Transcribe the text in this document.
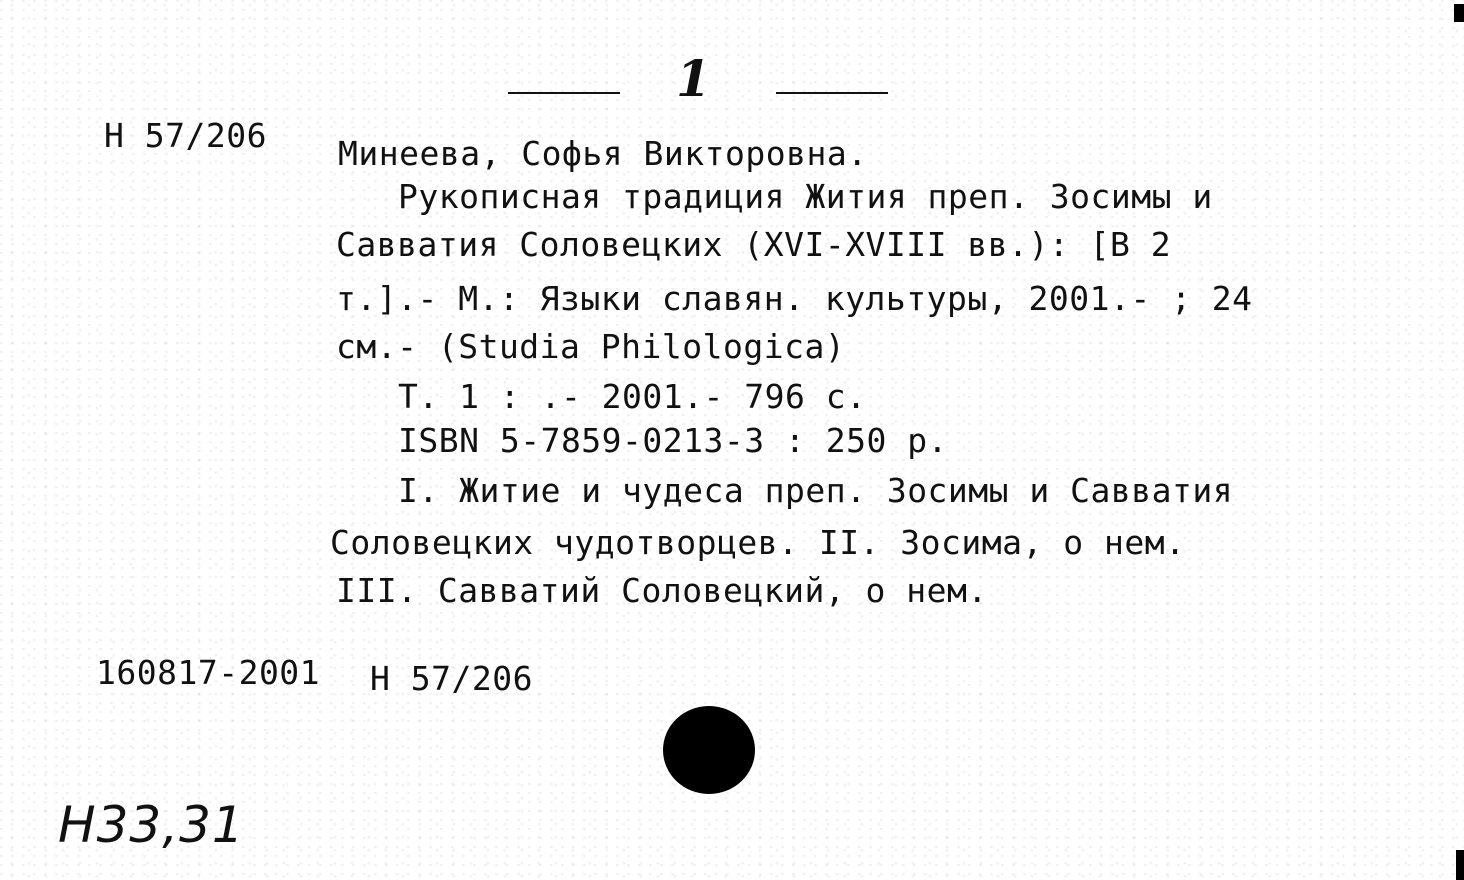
1
Н 57/206 Минеева, Софья Викторовна.
Рукописная традиция Жития преп. Зосимы и
Савватия Соловецких (XVI-XVIII вв.): [В 2
т.].- М.: Языки славян. культуры, 2001.- ; 24
см.- (Studia Philologica)
Т. 1 : .- 2001.- 796 с.
ISBN 5-7859-0213-3 : 250 р.
I. Житие и чудеса преп. Зосимы и Савватия
Соловецких чудотворцев. II. Зосима, о нем.
III. Савватий Соловецкий, о нем.
160817-2001 Н 57/206
Н33,31
